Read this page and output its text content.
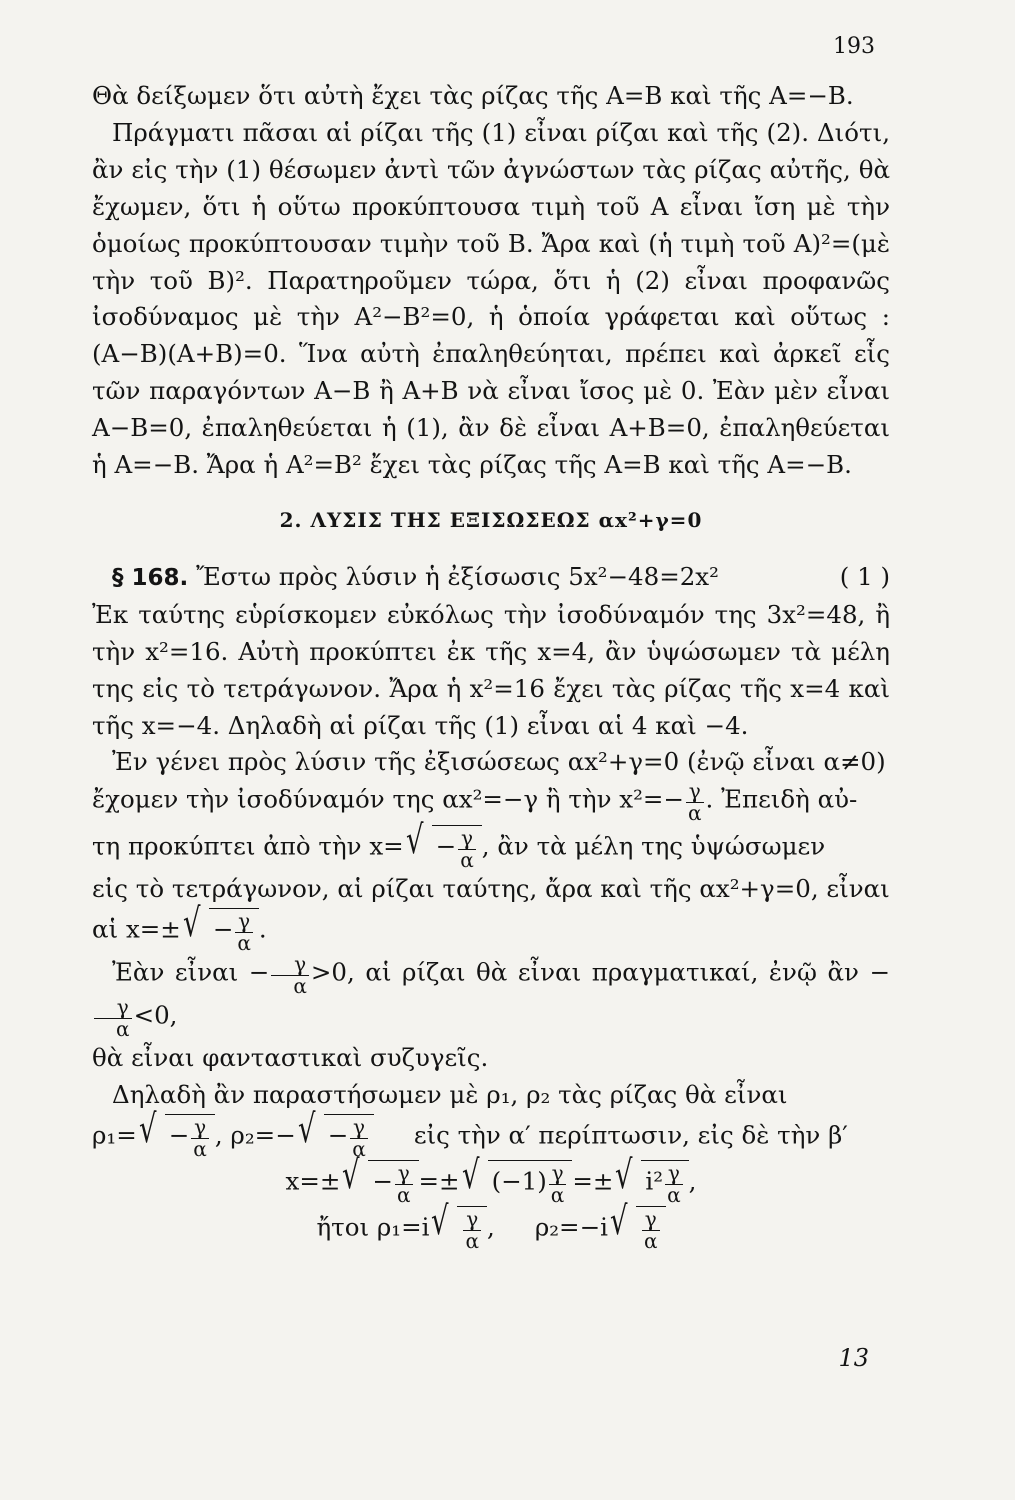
193

Θὰ δείξωμεν ὅτι αὐτὴ ἔχει τὰς ρίζας τῆς A=B καὶ τῆς A=−B.

Πράγματι πᾶσαι αἱ ρίζαι τῆς (1) εἶναι ρίζαι καὶ τῆς (2). Διότι, ἂν εἰς τὴν (1) θέσωμεν ἀντὶ τῶν ἀγνώστων τὰς ρίζας αὐτῆς, θὰ ἔχωμεν, ὅτι ἡ οὕτω προκύπτουσα τιμὴ τοῦ A εἶναι ἴση μὲ τὴν ὁμοίως προκύπτουσαν τιμὴν τοῦ B. Ἄρα καὶ (ἡ τιμὴ τοῦ A)²=(μὲ τὴν τοῦ B)². Παρατηροῦμεν τώρα, ὅτι ἡ (2) εἶναι προφανῶς ἰσοδύναμος μὲ τὴν A²−B²=0, ἡ ὁποία γράφεται καὶ οὕτως : (A−B)(A+B)=0. Ἵνα αὐτὴ ἐπαληθεύηται, πρέπει καὶ ἀρκεῖ εἷς τῶν παραγόντων A−B ἢ A+B νὰ εἶναι ἴσος μὲ 0. Ἐὰν μὲν εἶναι A−B=0, ἐπαληθεύεται ἡ (1), ἂν δὲ εἶναι A+B=0, ἐπαληθεύεται ἡ A=−B. Ἄρα ἡ A²=B² ἔχει τὰς ρίζας τῆς A=B καὶ τῆς A=−B.

2. ΛΥΣΙΣ ΤΗΣ ΕΞΙΣΩΣΕΩΣ αx²+γ=0

§ 168. Ἔστω πρὸς λύσιν ἡ ἐξίσωσις 5x²−48=2x²	( 1 )

Ἐκ ταύτης εὑρίσκομεν εὐκόλως τὴν ἰσοδύναμόν της 3x²=48, ἢ τὴν x²=16. Αὐτὴ προκύπτει ἐκ τῆς x=4, ἂν ὑψώσωμεν τὰ μέλη της εἰς τὸ τετράγωνον. Ἄρα ἡ x²=16 ἔχει τὰς ρίζας τῆς x=4 καὶ τῆς x=−4. Δηλαδὴ αἱ ρίζαι τῆς (1) εἶναι αἱ 4 καὶ −4.

Ἐν γένει πρὸς λύσιν τῆς ἐξισώσεως αx²+γ=0 (ἐνῷ εἶναι α≠0)

ἔχομεν τὴν ἰσοδύναμόν της αx²=−γ ἢ τὴν $x^2=- \frac{\gamma}{\alpha}$ . Ἐπειδὴ αὐ-

τη προκύπτει ἀπὸ τὴν x= √ − $\frac{\gamma}{\alpha}$ , ἂν τὰ μέλη της ὑψώσωμεν

εἰς τὸ τετράγωνον, αἱ ρίζαι ταύτης, ἄρα καὶ τῆς αx²+γ=0, εἶναι

αἱ x=± √ − $\frac{\gamma}{\alpha}$ .

Ἐὰν εἶναι − $\frac{\gamma}{\alpha} >0$, αἱ ρίζαι θὰ εἶναι πραγματικαί, ἐνῷ ἂν −
$\frac{\gamma}{\alpha} <0$,

θὰ εἶναι φανταστικαὶ συζυγεῖς.

Δηλαδὴ ἂν παραστήσωμεν μὲ ρ₁, ρ₂ τὰς ρίζας θὰ εἶναι

ρ₁= √ − $\frac{\gamma}{\alpha}$ , ρ₂=− √ − $\frac{\gamma}{\alpha}$ εἰς τὴν α′ περίπτωσιν, εἰς δὲ τὴν β′

x=± √ − $\frac{\gamma}{\alpha}$ =± √ $(-1) \frac{\gamma}{\alpha}$ =± √ $i^2 \frac{\gamma}{\alpha}$ ,

ἤτοι ρ₁=i √ $\frac{\gamma}{\alpha}$ , ρ₂=−i √ $\frac{\gamma}{\alpha}$

13
